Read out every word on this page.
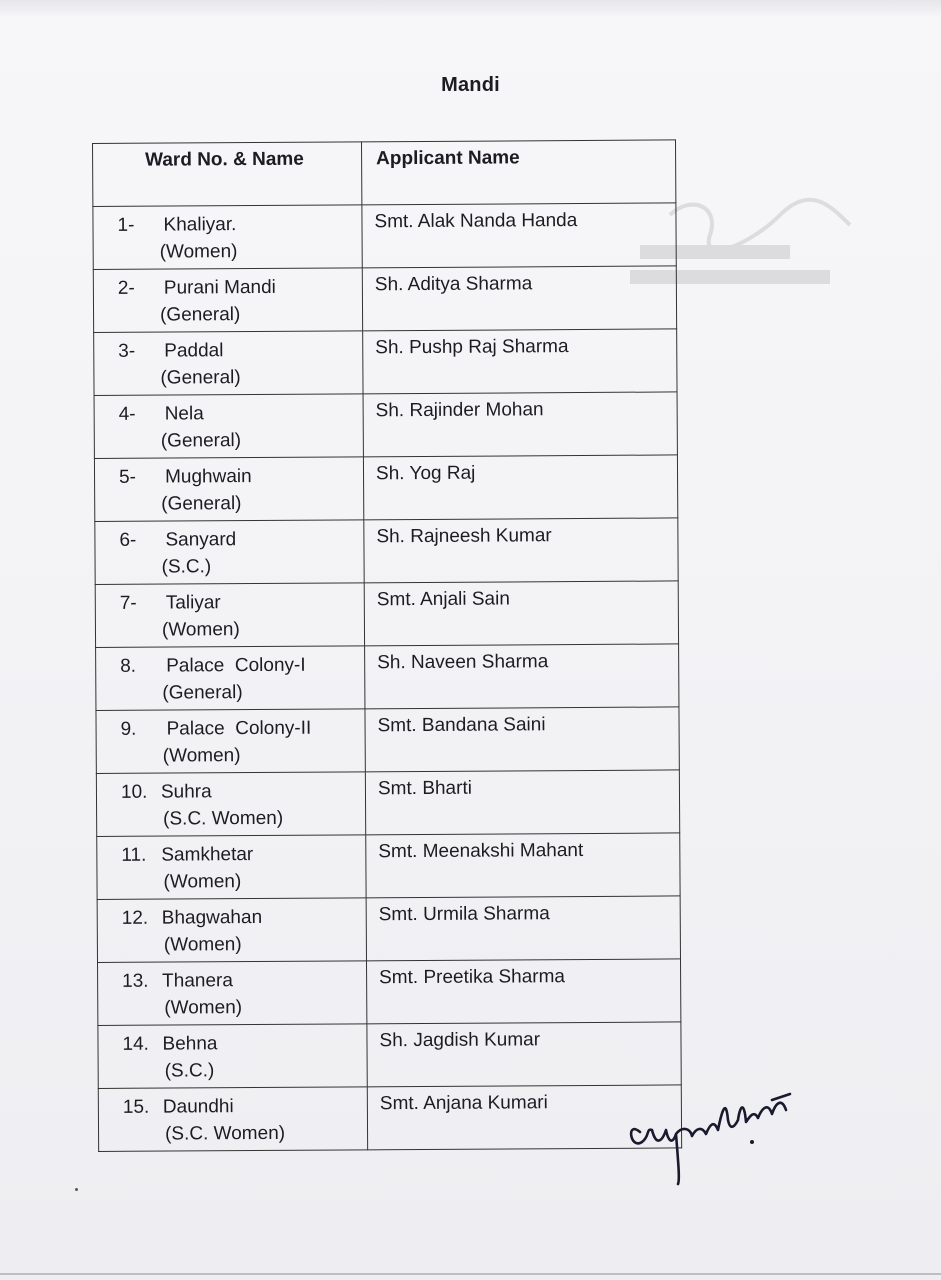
Mandi
Ward No. & Name	Applicant Name
1- Khaliyar.
(Women)	Smt. Alak Nanda Handa
2- Purani Mandi
(General)	Sh. Aditya Sharma
3- Paddal
(General)	Sh. Pushp Raj Sharma
4- Nela
(General)	Sh. Rajinder Mohan
5- Mughwain
(General)	Sh. Yog Raj
6- Sanyard
(S.C.)	Sh. Rajneesh Kumar
7- Taliyar
(Women)	Smt. Anjali Sain
8. Palace  Colony-I
(General)	Sh. Naveen Sharma
9. Palace  Colony-II
(Women)	Smt. Bandana Saini
10. Suhra
(S.C. Women)	Smt. Bharti
11. Samkhetar
(Women)	Smt. Meenakshi Mahant
12. Bhagwahan
(Women)	Smt. Urmila Sharma
13. Thanera
(Women)	Smt. Preetika Sharma
14. Behna
(S.C.)	Sh. Jagdish Kumar
15. Daundhi
(S.C. Women)	Smt. Anjana Kumari
